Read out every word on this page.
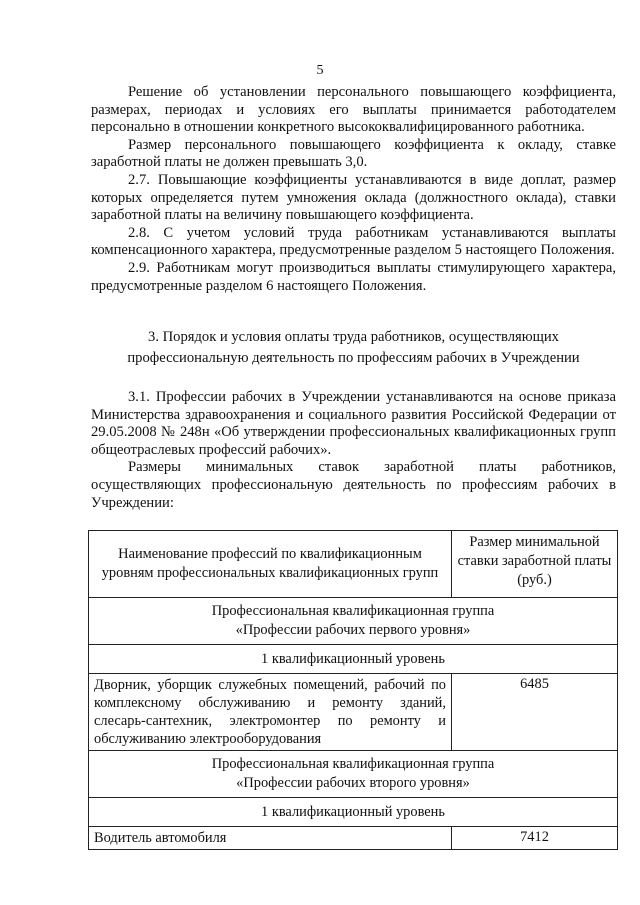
5

Решение об установлении персонального повышающего коэффициента, размерах, периодах и условиях его выплаты принимается работодателем персонально в отношении конкретного высококвалифицированного работника.

Размер персонального повышающего коэффициента к окладу, ставке заработной платы не должен превышать 3,0.

2.7. Повышающие коэффициенты устанавливаются в виде доплат, размер которых определяется путем умножения оклада (должностного оклада), ставки заработной платы на величину повышающего коэффициента.

2.8. С учетом условий труда работникам устанавливаются выплаты компенсационного характера, предусмотренные разделом 5 настоящего Положения.

2.9. Работникам могут производиться выплаты стимулирующего характера, предусмотренные разделом 6 настоящего Положения.

3. Порядок и условия оплаты труда работников, осуществляющих
профессиональную деятельность по профессиям рабочих в Учреждении

3.1. Профессии рабочих в Учреждении устанавливаются на основе приказа Министерства здравоохранения и социального развития Российской Федерации от 29.05.2008 № 248н «Об утверждении профессиональных квалификационных групп общеотраслевых профессий рабочих».

Размеры минимальных ставок заработной платы работников, осуществляющих профессиональную деятельность по профессиям рабочих в Учреждении:

Наименование профессий по квалификационным уровням профессиональных квалификационных групп	Размер минимальной ставки заработной платы (руб.)

Профессиональная квалификационная группа
«Профессии рабочих первого уровня»	

1 квалификационный уровень	
Дворник, уборщик служебных помещений, рабочий по комплексному обслуживанию и ремонту зданий, слесарь-сантехник, электромонтер по ремонту и обслуживанию электрооборудования	6485

Профессиональная квалификационная группа
«Профессии рабочих второго уровня»	

1 квалификационный уровень	
Водитель автомобиля	7412
